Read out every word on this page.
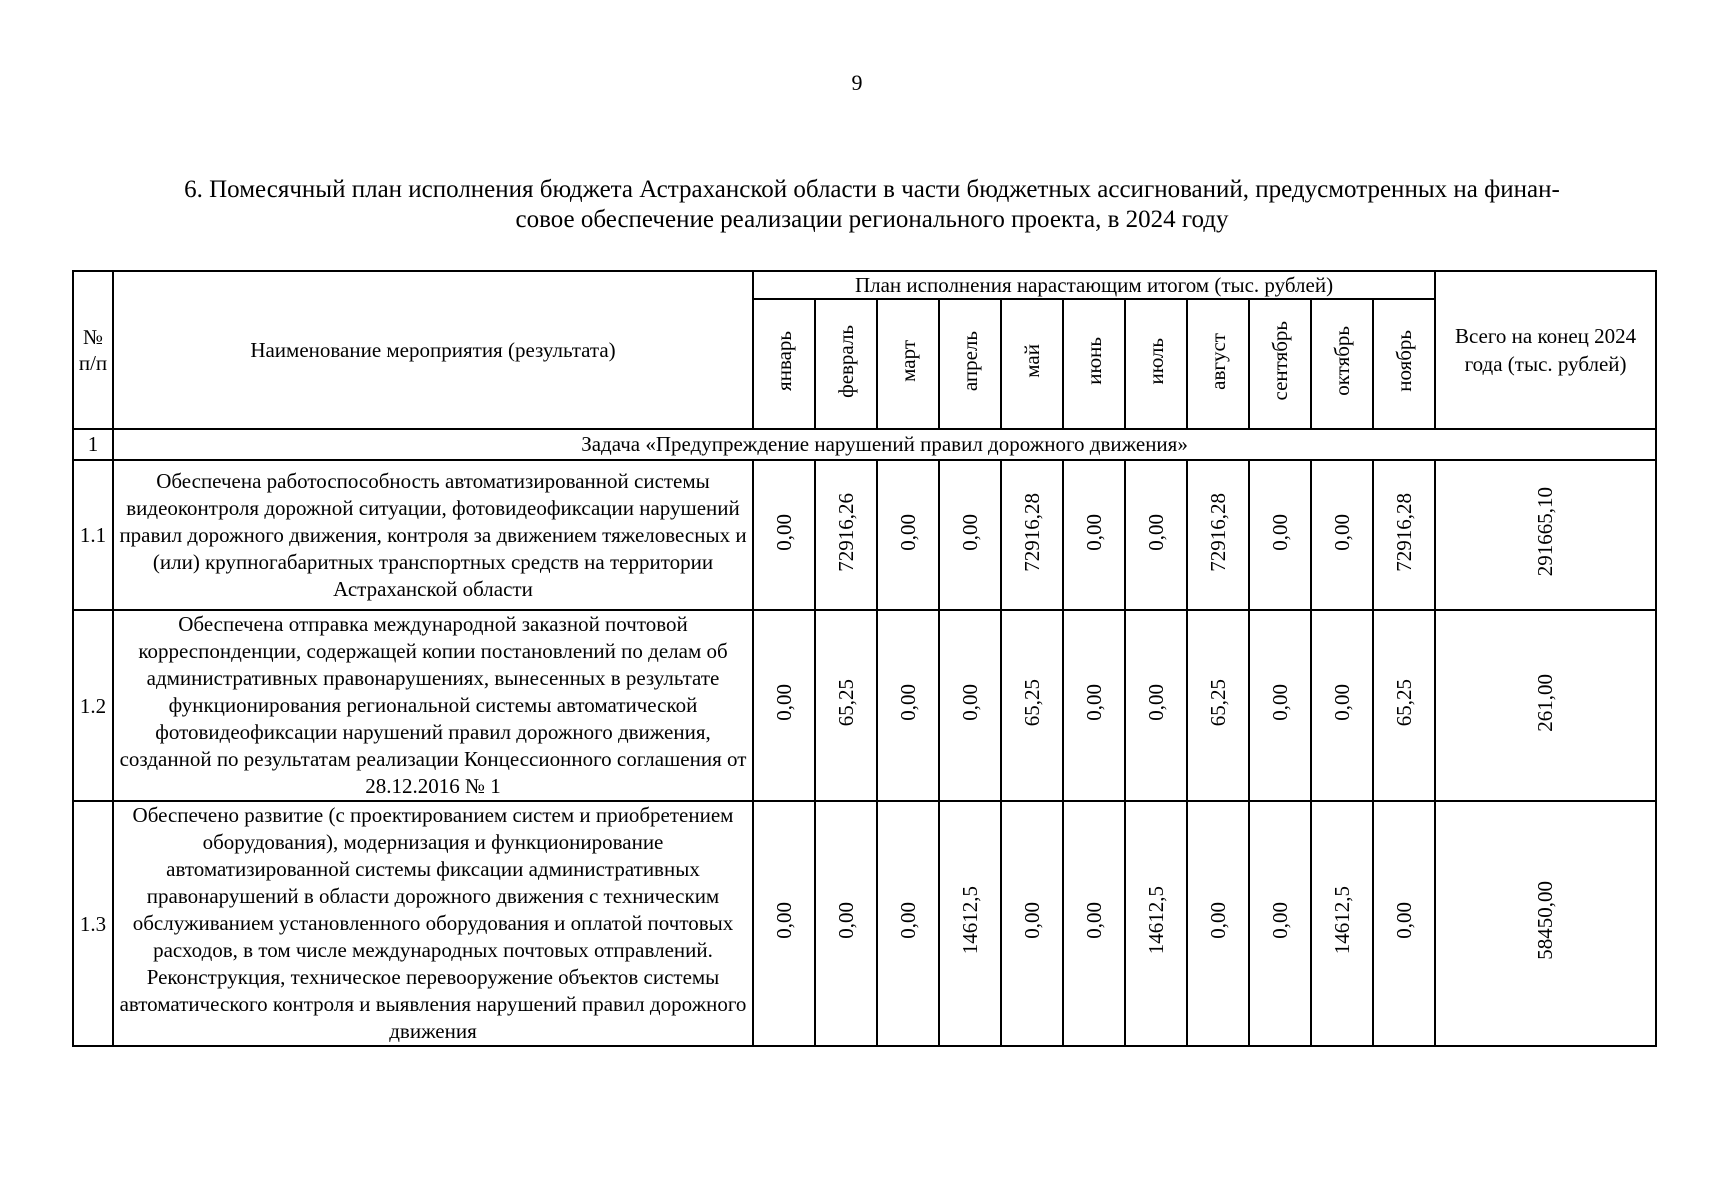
9
6. Помесячный план исполнения бюджета Астраханской области в части бюджетных ассигнований, предусмотренных на финан-
совое обеспечение реализации регионального проекта, в 2024 году
№ п/п	Наименование мероприятия (результата)	План исполнения нарастающим итогом (тыс. рублей)											Всего на конец 2024 года (тыс. рублей)
		январь	февраль	март	апрель	май	июнь	июль	август	сентябрь	октябрь	ноябрь	
1	Задача «Предупреждение нарушений правил дорожного движения»												
1.1	Обеспечена работоспособность автоматизированной системы видеоконтроля дорожной ситуации, фотовидеофиксации нарушений правил дорожного движения, контроля за движением тяжеловесных и (или) крупногабаритных транспортных средств на территории Астраханской области	0,00	72916,26	0,00	0,00	72916,28	0,00	0,00	72916,28	0,00	0,00	72916,28	291665,10
1.2	Обеспечена отправка международной заказной почтовой корреспонденции, содержащей копии постановлений по делам об административных правонарушениях, вынесенных в результате функционирования региональной системы автоматической фотовидеофиксации нарушений правил дорожного движения, созданной по результатам реализации Концессионного соглашения от 28.12.2016 № 1	0,00	65,25	0,00	0,00	65,25	0,00	0,00	65,25	0,00	0,00	65,25	261,00
1.3	Обеспечено развитие (с проектированием систем и приобретением оборудования), модернизация и функционирование автоматизированной системы фиксации административных правонарушений в области дорожного движения с техническим обслуживанием установленного оборудования и оплатой почтовых расходов, в том числе международных почтовых отправлений. Реконструкция, техническое перевооружение объектов системы автоматического контроля и выявления нарушений правил дорожного движения	0,00	0,00	0,00	14612,5	0,00	0,00	14612,5	0,00	0,00	14612,5	0,00	58450,00
